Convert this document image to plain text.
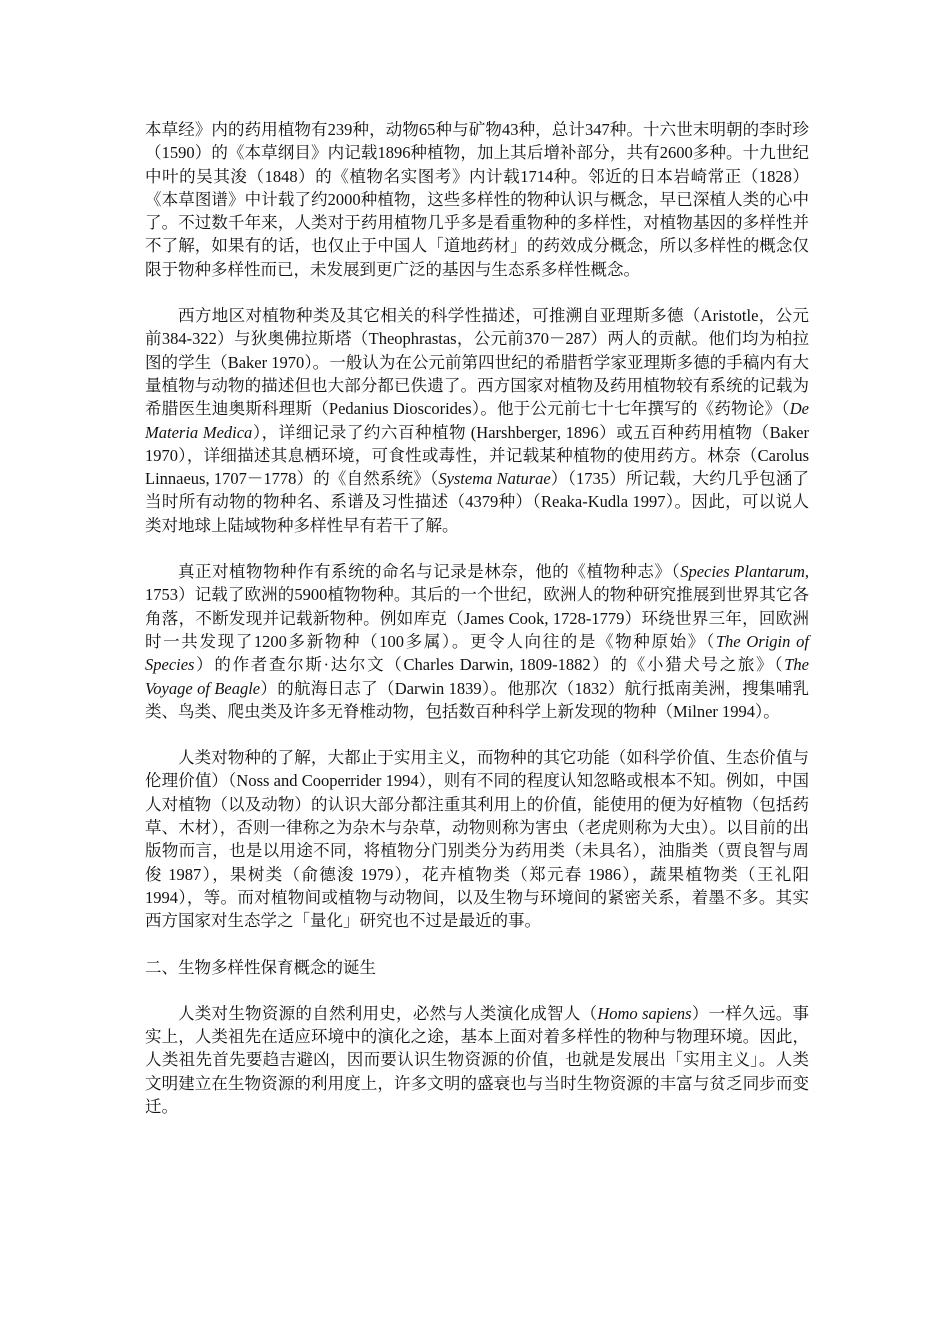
本草经》内的药用植物有239种，动物65种与矿物43种，总计347种。十六世末明朝的李时珍（1590）的《本草纲目》内记载1896种植物，加上其后增补部分，共有2600多种。十九世纪中叶的吴其浚（1848）的《植物名实图考》内计载1714种。邻近的日本岩崎常正（1828）《本草图谱》中计载了约2000种植物，这些多样性的物种认识与概念，早已深植人类的心中了。不过数千年来，人类对于药用植物几乎多是看重物种的多样性，对植物基因的多样性并不了解，如果有的话，也仅止于中国人「道地药材」的药效成分概念，所以多样性的概念仅限于物种多样性而已，未发展到更广泛的基因与生态系多样性概念。

西方地区对植物种类及其它相关的科学性描述，可推溯自亚理斯多德（Aristotle，公元前384-322）与狄奥佛拉斯塔（Theophrastas，公元前370－287）两人的贡献。他们均为柏拉图的学生（Baker 1970）。一般认为在公元前第四世纪的希腊哲学家亚理斯多德的手稿内有大量植物与动物的描述但也大部分都已佚遗了。西方国家对植物及药用植物较有系统的记载为希腊医生迪奥斯科理斯（Pedanius Dioscorides）。他于公元前七十七年撰写的《药物论》（De Materia Medica），详细记录了约六百种植物 (Harshberger, 1896）或五百种药用植物（Baker 1970），详细描述其息栖环境，可食性或毒性，并记载某种植物的使用药方。林奈（Carolus Linnaeus, 1707－1778）的《自然系统》（Systema Naturae）（1735）所记载，大约几乎包涵了当时所有动物的物种名、系谱及习性描述（4379种）（Reaka-Kudla 1997）。因此，可以说人类对地球上陆域物种多样性早有若干了解。

真正对植物物种作有系统的命名与记录是林奈，他的《植物种志》（Species Plantarum, 1753）记载了欧洲的5900植物物种。其后的一个世纪，欧洲人的物种研究推展到世界其它各角落，不断发现并记载新物种。例如库克（James Cook, 1728-1779）环绕世界三年，回欧洲时一共发现了1200多新物种（100多属）。更令人向往的是《物种原始》（The Origin of Species）的作者查尔斯·达尔文（Charles Darwin, 1809-1882）的《小猎犬号之旅》（The Voyage of Beagle）的航海日志了（Darwin 1839）。他那次（1832）航行抵南美洲，搜集哺乳类、鸟类、爬虫类及许多无脊椎动物，包括数百种科学上新发现的物种（Milner 1994）。

人类对物种的了解，大都止于实用主义，而物种的其它功能（如科学价值、生态价值与伦理价值）（Noss and Cooperrider 1994），则有不同的程度认知忽略或根本不知。例如，中国人对植物（以及动物）的认识大部分都注重其利用上的价值，能使用的便为好植物（包括药草、木材），否则一律称之为杂木与杂草，动物则称为害虫（老虎则称为大虫）。以目前的出版物而言，也是以用途不同，将植物分门别类分为药用类（未具名），油脂类（贾良智与周俊 1987），果树类（俞德浚 1979），花卉植物类（郑元春 1986），蔬果植物类（王礼阳 1994），等。而对植物间或植物与动物间，以及生物与环境间的紧密关系，着墨不多。其实西方国家对生态学之「量化」研究也不过是最近的事。

二、生物多样性保育概念的诞生

人类对生物资源的自然利用史，必然与人类演化成智人（Homo sapiens）一样久远。事实上，人类祖先在适应环境中的演化之途，基本上面对着多样性的物种与物理环境。因此，人类祖先首先要趋吉避凶，因而要认识生物资源的价值，也就是发展出「实用主义」。人类文明建立在生物资源的利用度上，许多文明的盛衰也与当时生物资源的丰富与贫乏同步而变迁。
